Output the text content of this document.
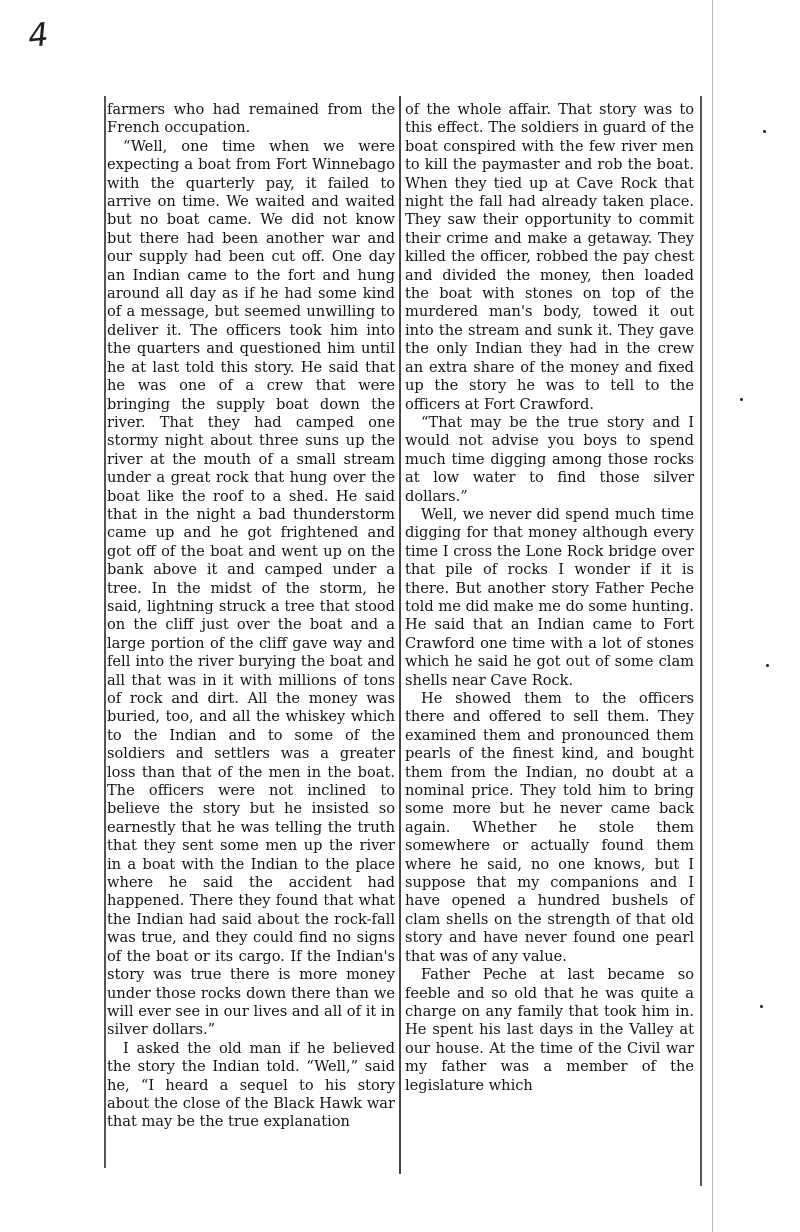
4

farmers who had remained from the French occupation.

“Well, one time when we were expecting a boat from Fort Winnebago with the quarterly pay, it failed to arrive on time. We waited and waited but no boat came. We did not know but there had been another war and our supply had been cut off. One day an Indian came to the fort and hung around all day as if he had some kind of a message, but seemed unwilling to deliver it. The officers took him into the quarters and questioned him until he at last told this story. He said that he was one of a crew that were bringing the supply boat down the river. That they had camped one stormy night about three suns up the river at the mouth of a small stream under a great rock that hung over the boat like the roof to a shed. He said that in the night a bad thunderstorm came up and he got frightened and got off of the boat and went up on the bank above it and camped under a tree. In the midst of the storm, he said, lightning struck a tree that stood on the cliff just over the boat and a large portion of the cliff gave way and fell into the river burying the boat and all that was in it with millions of tons of rock and dirt. All the money was buried, too, and all the whiskey which to the Indian and to some of the soldiers and settlers was a greater loss than that of the men in the boat. The officers were not inclined to believe the story but he insisted so earnestly that he was telling the truth that they sent some men up the river in a boat with the Indian to the place where he said the accident had happened. There they found that what the Indian had said about the rock-fall was true, and they could find no signs of the boat or its cargo. If the Indian's story was true there is more money under those rocks down there than we will ever see in our lives and all of it in silver dollars.”

I asked the old man if he believed the story the Indian told. “Well,” said he, “I heard a sequel to his story about the close of the Black Hawk war that may be the true explanation

of the whole affair. That story was to this effect. The soldiers in guard of the boat conspired with the few river men to kill the paymaster and rob the boat. When they tied up at Cave Rock that night the fall had already taken place. They saw their opportunity to commit their crime and make a getaway. They killed the officer, robbed the pay chest and divided the money, then loaded the boat with stones on top of the murdered man's body, towed it out into the stream and sunk it. They gave the only Indian they had in the crew an extra share of the money and fixed up the story he was to tell to the officers at Fort Crawford.

“That may be the true story and I would not advise you boys to spend much time digging among those rocks at low water to find those silver dollars.”

Well, we never did spend much time digging for that money although every time I cross the Lone Rock bridge over that pile of rocks I wonder if it is there. But another story Father Peche told me did make me do some hunting. He said that an Indian came to Fort Crawford one time with a lot of stones which he said he got out of some clam shells near Cave Rock.

He showed them to the officers there and offered to sell them. They examined them and pronounced them pearls of the finest kind, and bought them from the Indian, no doubt at a nominal price. They told him to bring some more but he never came back again. Whether he stole them somewhere or actually found them where he said, no one knows, but I suppose that my companions and I have opened a hundred bushels of clam shells on the strength of that old story and have never found one pearl that was of any value.

Father Peche at last became so feeble and so old that he was quite a charge on any family that took him in. He spent his last days in the Valley at our house. At the time of the Civil war my father was a member of the legislature which
